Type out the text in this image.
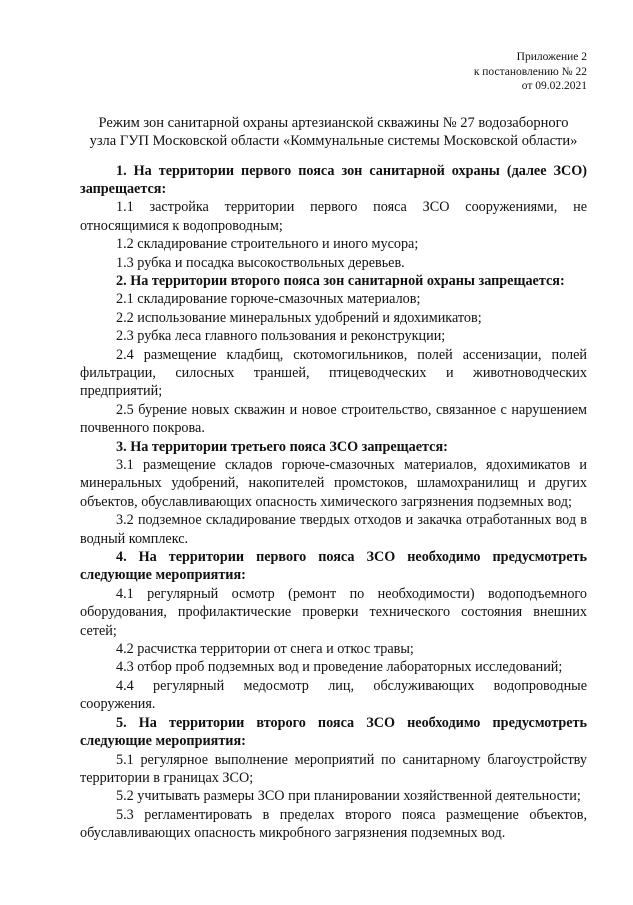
Приложение 2
к постановлению № 22
от 09.02.2021
Режим зон санитарной охраны артезианской скважины № 27 водозаборного
узла ГУП Московской области «Коммунальные системы Московской области»

1. На территории первого пояса зон санитарной охраны (далее ЗСО) запрещается:

1.1 застройка территории первого пояса ЗСО сооружениями, не относящимися к водопроводным;

1.2 складирование строительного и иного мусора;

1.3 рубка и посадка высокоствольных деревьев.

2. На территории второго пояса зон санитарной охраны запрещается:

2.1 складирование горюче-смазочных материалов;

2.2 использование минеральных удобрений и ядохимикатов;

2.3 рубка леса главного пользования и реконструкции;

2.4 размещение кладбищ, скотомогильников, полей ассенизации, полей фильтрации, силосных траншей, птицеводческих и животноводческих предприятий;

2.5 бурение новых скважин и новое строительство, связанное с нарушением почвенного покрова.

3. На территории третьего пояса ЗСО запрещается:

3.1 размещение складов горюче-смазочных материалов, ядохимикатов и минеральных удобрений, накопителей промстоков, шламохранилищ и других объектов, обуславливающих опасность химического загрязнения подземных вод;

3.2 подземное складирование твердых отходов и закачка отработанных вод в водный комплекс.

4. На территории первого пояса ЗСО необходимо предусмотреть следующие мероприятия:

4.1 регулярный осмотр (ремонт по необходимости) водоподъемного оборудования, профилактические проверки технического состояния внешних сетей;

4.2 расчистка территории от снега и откос травы;

4.3 отбор проб подземных вод и проведение лабораторных исследований;

4.4 регулярный медосмотр лиц, обслуживающих водопроводные сооружения.

5. На территории второго пояса ЗСО необходимо предусмотреть следующие мероприятия:

5.1 регулярное выполнение мероприятий по санитарному благоустройству территории в границах ЗСО;

5.2 учитывать размеры ЗСО при планировании хозяйственной деятельности;

5.3 регламентировать в пределах второго пояса размещение объектов, обуславливающих опасность микробного загрязнения подземных вод.
